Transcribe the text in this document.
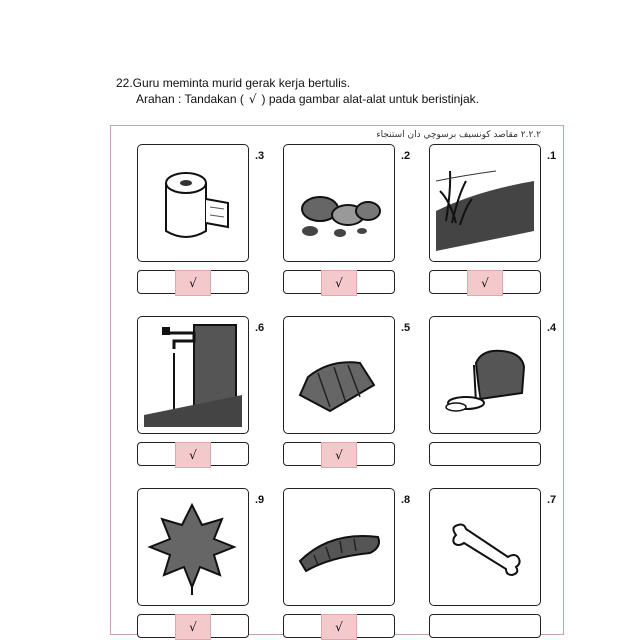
22.Guru meminta murid gerak kerja bertulis.
Arahan : Tandakan ( √ ) pada gambar alat-alat untuk beristinjak.
٢.٢.٢ مقاصد كونسيف برسوچي دان استنجاء
.3
√
.2
√
.1
√
.6
√
.5
√
.4
.9
√
.8
√
.7
